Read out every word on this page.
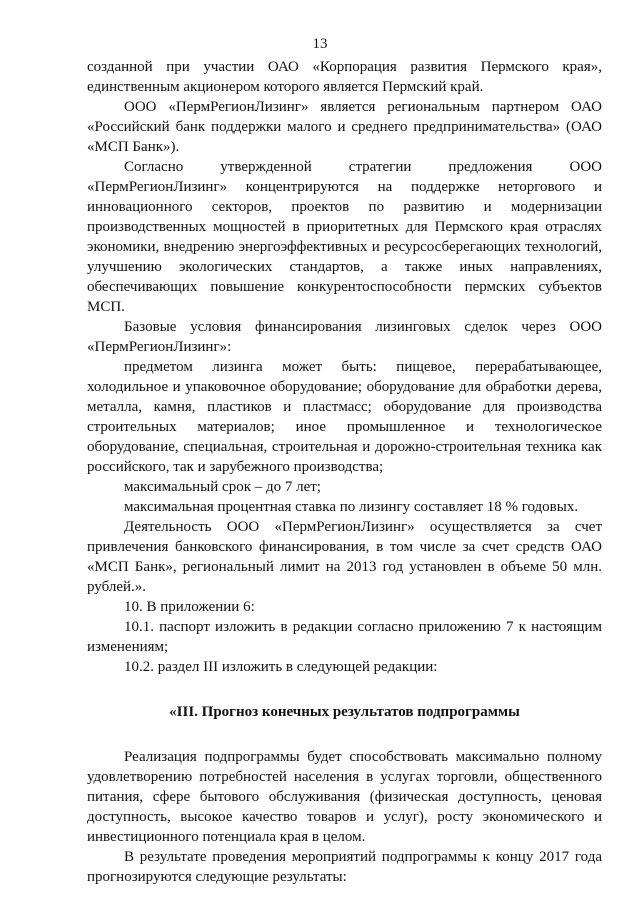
13

созданной при участии ОАО «Корпорация развития Пермского края», единственным акционером которого является Пермский край.

ООО «ПермРегионЛизинг» является региональным партнером ОАО «Российский банк поддержки малого и среднего предпринимательства» (ОАО «МСП Банк»).

Согласно утвержденной стратегии предложения ООО «ПермРегионЛизинг» концентрируются на поддержке неторгового и инновационного секторов, проектов по развитию и модернизации производственных мощностей в приоритетных для Пермского края отраслях экономики, внедрению энергоэффективных и ресурсосберегающих технологий, улучшению экологических стандартов, а также иных направлениях, обеспечивающих повышение конкурентоспособности пермских субъектов МСП.

Базовые условия финансирования лизинговых сделок через ООО «ПермРегионЛизинг»:

предметом лизинга может быть: пищевое, перерабатывающее, холодильное и упаковочное оборудование; оборудование для обработки дерева, металла, камня, пластиков и пластмасс; оборудование для производства строительных материалов; иное промышленное и технологическое оборудование, специальная, строительная и дорожно-строительная техника как российского, так и зарубежного производства;

максимальный срок – до 7 лет;

максимальная процентная ставка по лизингу составляет 18 % годовых.

Деятельность ООО «ПермРегионЛизинг» осуществляется за счет привлечения банковского финансирования, в том числе за счет средств ОАО «МСП Банк», региональный лимит на 2013 год установлен в объеме 50 млн. рублей.».

10. В приложении 6:

10.1. паспорт изложить в редакции согласно приложению 7 к настоящим изменениям;

10.2. раздел III изложить в следующей редакции:

«III. Прогноз конечных результатов подпрограммы

Реализация подпрограммы будет способствовать максимально полному удовлетворению потребностей населения в услугах торговли, общественного питания, сфере бытового обслуживания (физическая доступность, ценовая доступность, высокое качество товаров и услуг), росту экономического и инвестиционного потенциала края в целом.

В результате проведения мероприятий подпрограммы к концу 2017 года прогнозируются следующие результаты:
